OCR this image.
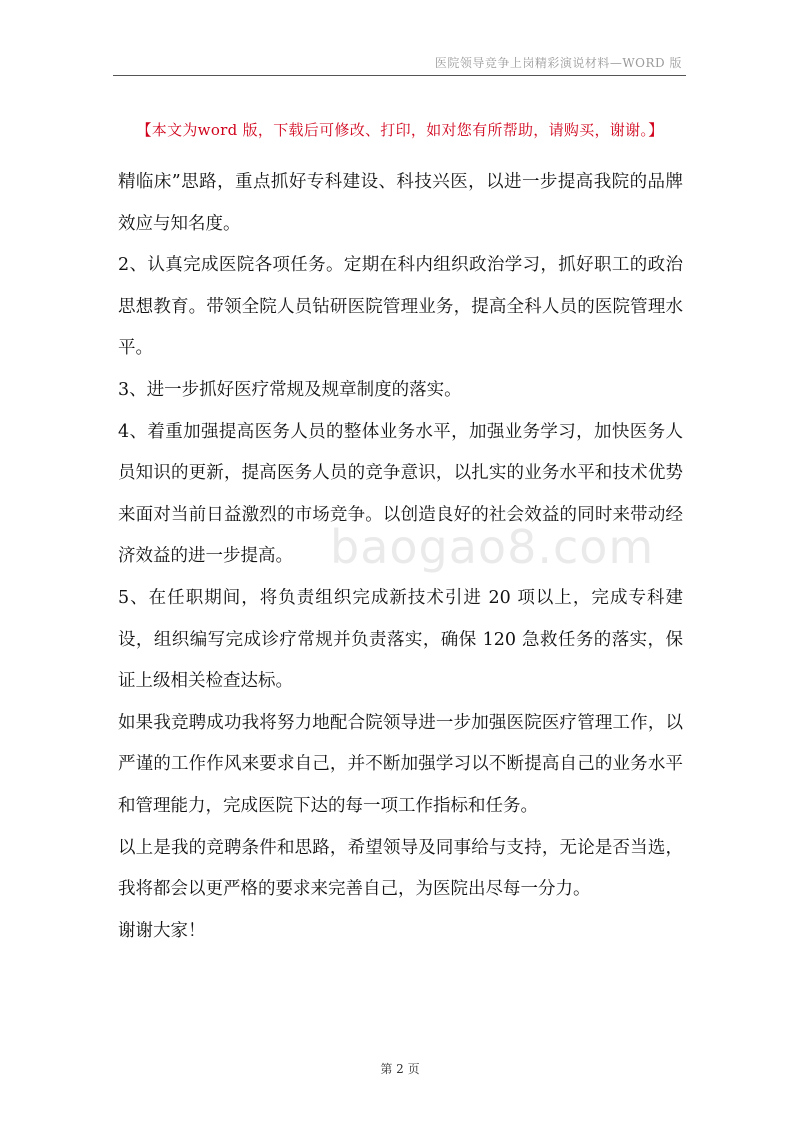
医院领导竞争上岗精彩演说材料—WORD 版
【本文为word 版，下载后可修改、打印，如对您有所帮助，请购买，谢谢。】

精临床”思路，重点抓好专科建设、科技兴医，以进一步提高我院的品牌效应与知名度。

2、认真完成医院各项任务。定期在科内组织政治学习，抓好职工的政治思想教育。带领全院人员钻研医院管理业务，提高全科人员的医院管理水平。

3、进一步抓好医疗常规及规章制度的落实。

4、着重加强提高医务人员的整体业务水平，加强业务学习，加快医务人员知识的更新，提高医务人员的竞争意识，以扎实的业务水平和技术优势来面对当前日益激烈的市场竞争。以创造良好的社会效益的同时来带动经济效益的进一步提高。

5、在任职期间，将负责组织完成新技术引进 20 项以上，完成专科建设，组织编写完成诊疗常规并负责落实，确保 120 急救任务的落实，保证上级相关检查达标。

如果我竞聘成功我将努力地配合院领导进一步加强医院医疗管理工作，以严谨的工作作风来要求自己，并不断加强学习以不断提高自己的业务水平和管理能力，完成医院下达的每一项工作指标和任务。

以上是我的竞聘条件和思路，希望领导及同事给与支持，无论是否当选，我将都会以更严格的要求来完善自己，为医院出尽每一分力。

谢谢大家！

baogao8.com
第 2 页
